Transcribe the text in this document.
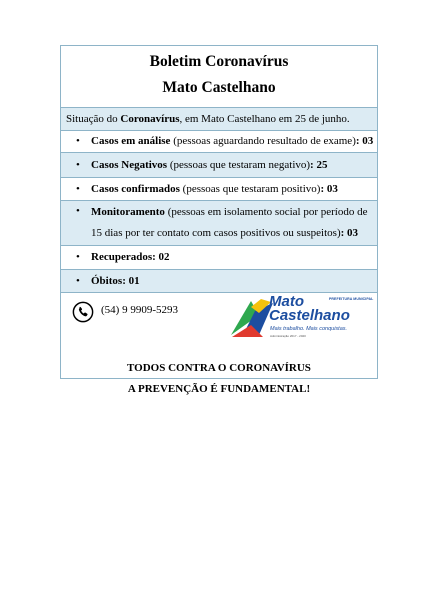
Boletim Coronavírus
Mato Castelhano
Situação do Coronavírus, em Mato Castelhano em 25 de junho.
• Casos em análise (pessoas aguardando resultado de exame): 03
• Casos Negativos (pessoas que testaram negativo): 25
• Casos confirmados (pessoas que testaram positivo): 03
• Monitoramento (pessoas em isolamento social por período de 15 dias por ter contato com casos positivos ou suspeitos): 03
• Recuperados: 02
• Óbitos: 01
(54) 9 9909-5293	Mato	PREFEITURA MUNICIPAL
Castelhano
Mais trabalho. Mais conquistas.
Administração 2017 - 2020
TODOS CONTRA O CORONAVÍRUS
A PREVENÇÃO É FUNDAMENTAL!
